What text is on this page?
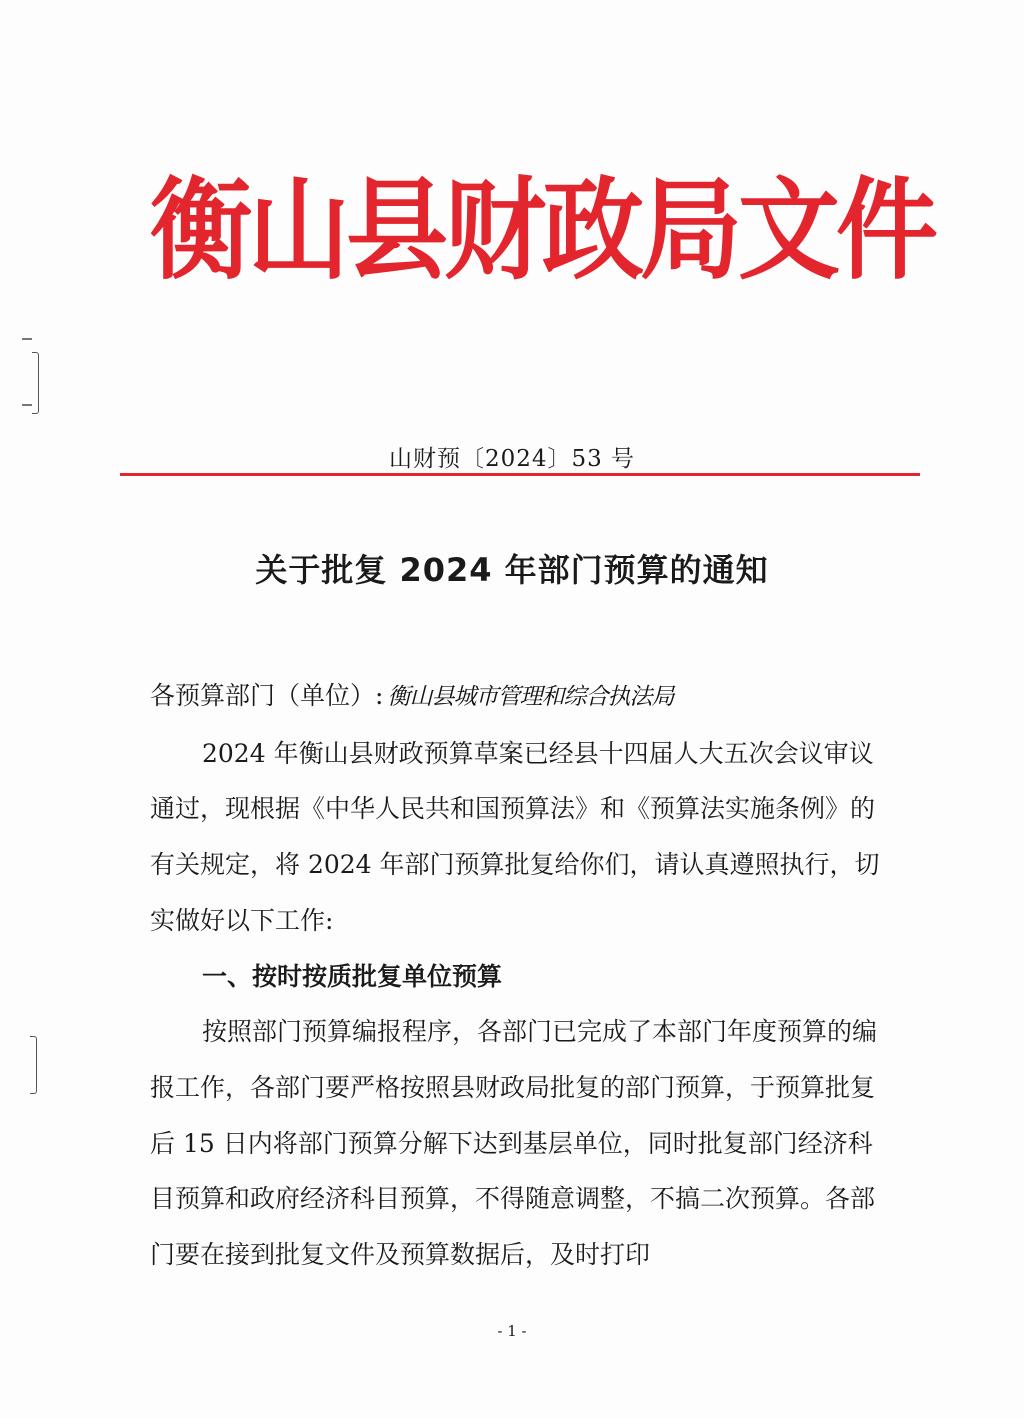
衡山县财政局文件
山财预〔2024〕53 号
关于批复 2024 年部门预算的通知

各预算部门（单位）: 衡山县城市管理和综合执法局

2024 年衡山县财政预算草案已经县十四届人大五次会议审议通过，现根据《中华人民共和国预算法》和《预算法实施条例》的有关规定，将 2024 年部门预算批复给你们，请认真遵照执行，切实做好以下工作:

一、按时按质批复单位预算

按照部门预算编报程序，各部门已完成了本部门年度预算的编报工作，各部门要严格按照县财政局批复的部门预算，于预算批复后 15 日内将部门预算分解下达到基层单位，同时批复部门经济科目预算和政府经济科目预算，不得随意调整，不搞二次预算。各部门要在接到批复文件及预算数据后，及时打印

- 1 -
